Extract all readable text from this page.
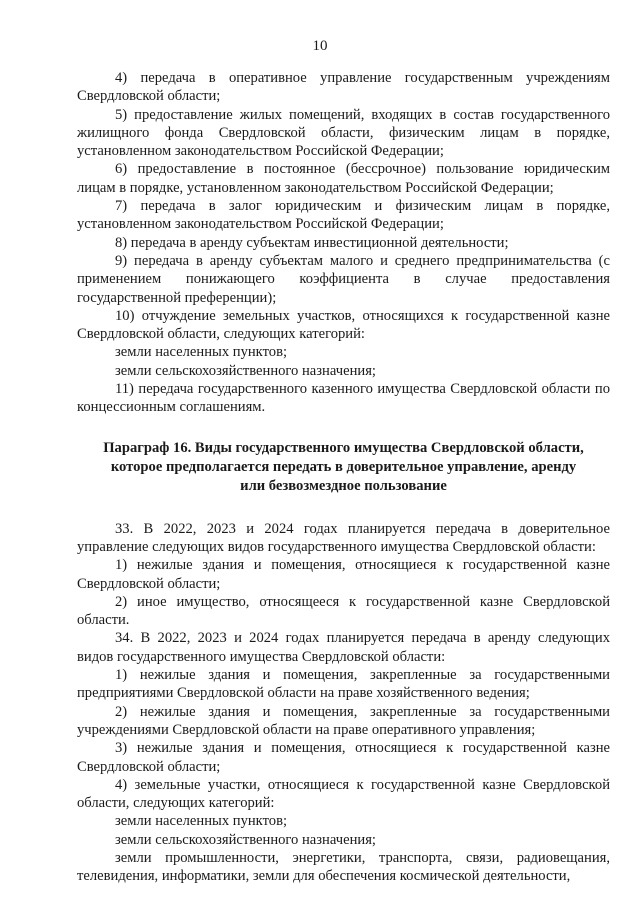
10

4) передача в оперативное управление государственным учреждениям Свердловской области;

5) предоставление жилых помещений, входящих в состав государственного жилищного фонда Свердловской области, физическим лицам в порядке, установленном законодательством Российской Федерации;

6) предоставление в постоянное (бессрочное) пользование юридическим лицам в порядке, установленном законодательством Российской Федерации;

7) передача в залог юридическим и физическим лицам в порядке, установленном законодательством Российской Федерации;

8) передача в аренду субъектам инвестиционной деятельности;

9) передача в аренду субъектам малого и среднего предпринимательства (с применением понижающего коэффициента в случае предоставления государственной преференции);

10) отчуждение земельных участков, относящихся к государственной казне Свердловской области, следующих категорий:

земли населенных пунктов;

земли сельскохозяйственного назначения;

11) передача государственного казенного имущества Свердловской области по концессионным соглашениям.

Параграф 16. Виды государственного имущества Свердловской области,
которое предполагается передать в доверительное управление, аренду
или безвозмездное пользование

33. В 2022, 2023 и 2024 годах планируется передача в доверительное управление следующих видов государственного имущества Свердловской области:

1) нежилые здания и помещения, относящиеся к государственной казне Свердловской области;

2) иное имущество, относящееся к государственной казне Свердловской области.

34. В 2022, 2023 и 2024 годах планируется передача в аренду следующих видов государственного имущества Свердловской области:

1) нежилые здания и помещения, закрепленные за государственными предприятиями Свердловской области на праве хозяйственного ведения;

2) нежилые здания и помещения, закрепленные за государственными учреждениями Свердловской области на праве оперативного управления;

3) нежилые здания и помещения, относящиеся к государственной казне Свердловской области;

4) земельные участки, относящиеся к государственной казне Свердловской области, следующих категорий:

земли населенных пунктов;

земли сельскохозяйственного назначения;

земли промышленности, энергетики, транспорта, связи, радиовещания, телевидения, информатики, земли для обеспечения космической деятельности,
